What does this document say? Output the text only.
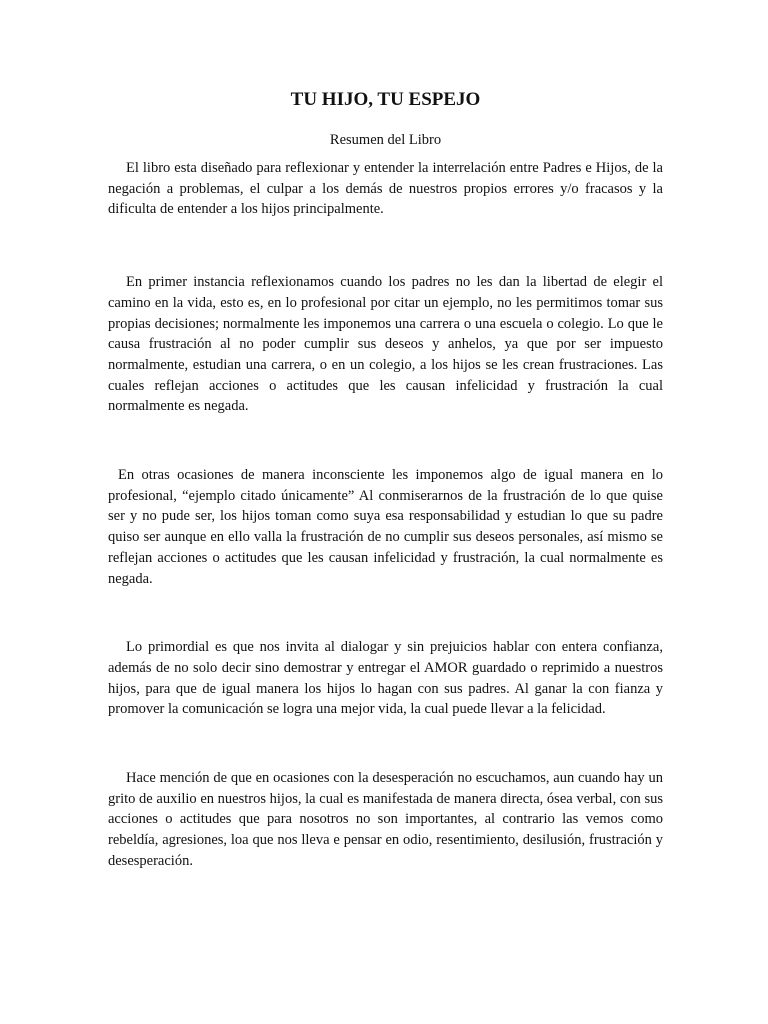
TU HIJO, TU ESPEJO

Resumen del Libro

El libro esta diseñado para reflexionar y entender la interrelación entre Padres e Hijos, de la negación a problemas, el culpar a los demás de nuestros propios errores y/o fracasos y la dificulta de entender a los hijos principalmente.

En primer instancia reflexionamos cuando los padres no les dan la libertad de elegir el camino en la vida, esto es, en lo profesional por citar un ejemplo, no les permitimos tomar sus propias decisiones; normalmente les imponemos una carrera o una escuela o colegio. Lo que le causa frustración al no poder cumplir sus deseos y anhelos, ya que por ser impuesto normalmente, estudian una carrera, o en un colegio, a los hijos se les crean frustraciones. Las cuales reflejan acciones o actitudes que les causan infelicidad y frustración la cual normalmente es negada.

En otras ocasiones de manera inconsciente les imponemos algo de igual manera en lo profesional, “ejemplo citado únicamente” Al conmiserarnos de la frustración de lo que quise ser y no pude ser, los hijos toman como suya esa responsabilidad y estudian lo que su padre quiso ser aunque en ello valla la frustración de no cumplir sus deseos personales, así mismo se reflejan acciones o actitudes que les causan infelicidad y frustración, la cual normalmente es negada.

Lo primordial es que nos invita al dialogar y sin prejuicios hablar con entera confianza, además de no solo decir sino demostrar y entregar el AMOR guardado o reprimido a nuestros hijos, para que de igual manera los hijos lo hagan con sus padres. Al ganar la con fianza y promover la comunicación se logra una mejor vida, la cual puede llevar a la felicidad.

Hace mención de que en ocasiones con la desesperación no escuchamos, aun cuando hay un grito de auxilio en nuestros hijos, la cual es manifestada de manera directa, ósea verbal, con sus acciones o actitudes que para nosotros no son importantes, al contrario las vemos como rebeldía, agresiones, loa que nos lleva e pensar en odio, resentimiento, desilusión, frustración y desesperación.
